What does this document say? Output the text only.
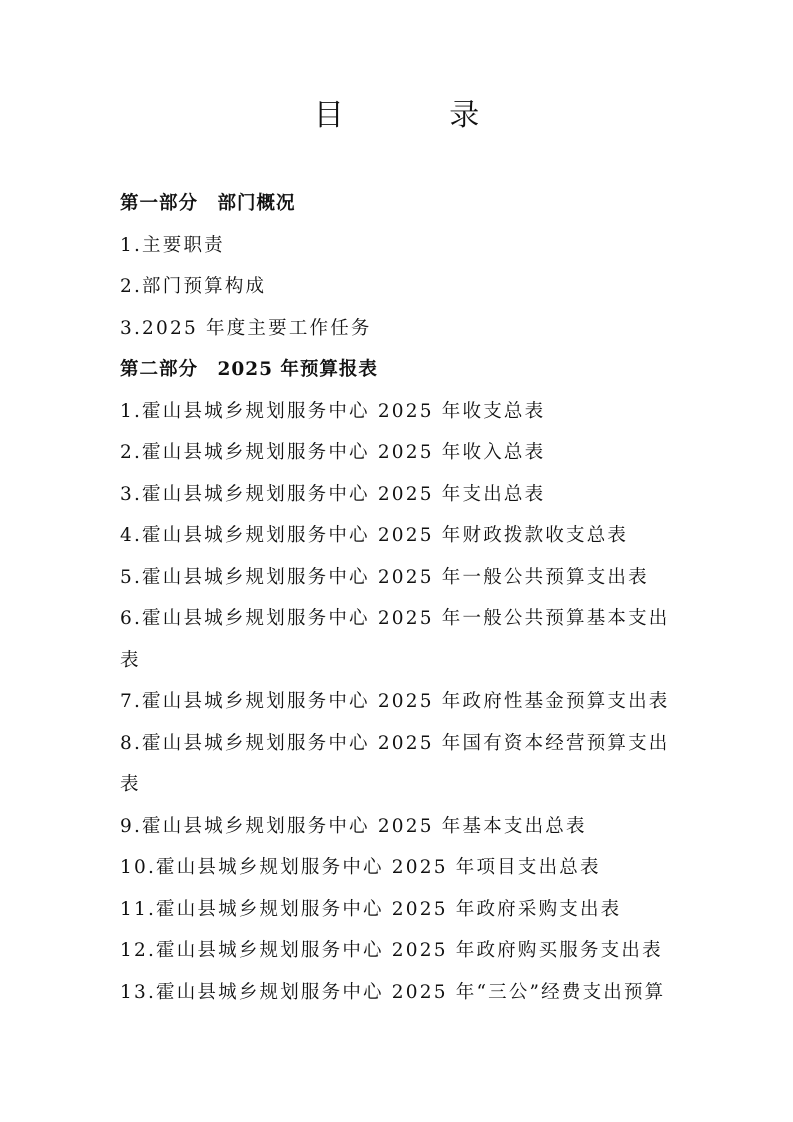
目 录
第一部分　部门概况
1.主要职责
2.部门预算构成
3.2025 年度主要工作任务
第二部分　2025 年预算报表
1.霍山县城乡规划服务中心 2025 年收支总表
2.霍山县城乡规划服务中心 2025 年收入总表
3.霍山县城乡规划服务中心 2025 年支出总表
4.霍山县城乡规划服务中心 2025 年财政拨款收支总表
5.霍山县城乡规划服务中心 2025 年一般公共预算支出表
6.霍山县城乡规划服务中心 2025 年一般公共预算基本支出
表
7.霍山县城乡规划服务中心 2025 年政府性基金预算支出表
8.霍山县城乡规划服务中心 2025 年国有资本经营预算支出
表
9.霍山县城乡规划服务中心 2025 年基本支出总表
10.霍山县城乡规划服务中心 2025 年项目支出总表
11.霍山县城乡规划服务中心 2025 年政府采购支出表
12.霍山县城乡规划服务中心 2025 年政府购买服务支出表
13.霍山县城乡规划服务中心 2025 年“三公”经费支出预算
